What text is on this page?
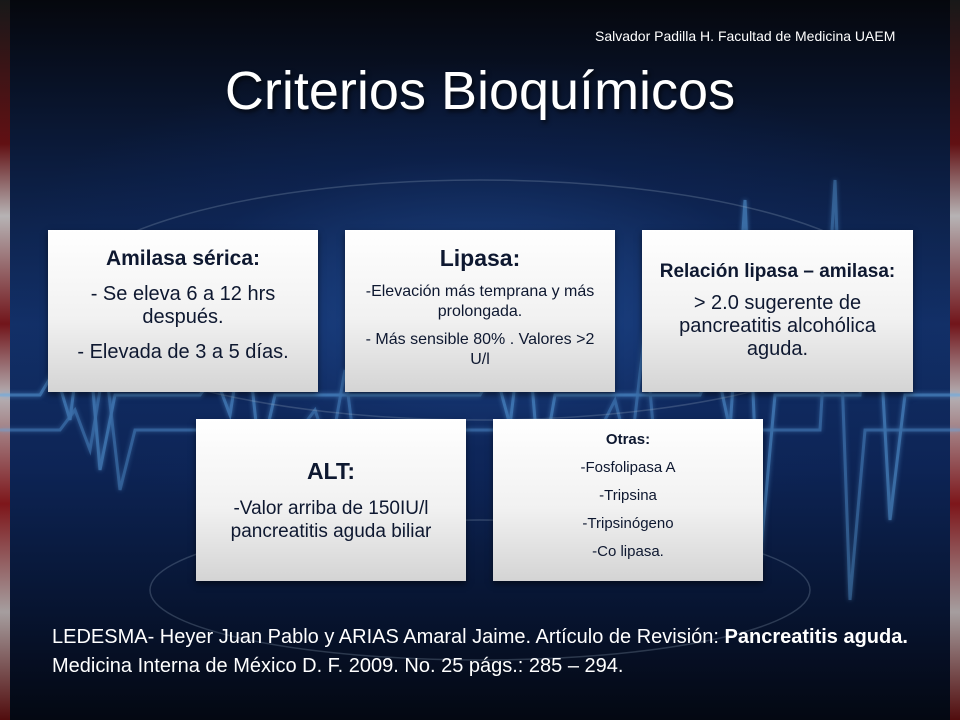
Salvador Padilla H. Facultad de Medicina UAEM
Criterios Bioquímicos

Amilasa sérica:

- Se eleva 6 a 12 hrs después.

- Elevada de 3 a 5 días.

Lipasa:

-Elevación más temprana y más prolongada.

- Más sensible 80% . Valores >2 U/l

Relación lipasa – amilasa:

> 2.0 sugerente de pancreatitis alcohólica aguda.

ALT:

-Valor arriba de 150IU/l pancreatitis aguda biliar

Otras:

-Fosfolipasa A

-Tripsina

-Tripsinógeno

-Co lipasa.

LEDESMA- Heyer Juan Pablo y ARIAS Amaral Jaime. Artículo de Revisión: Pancreatitis aguda. Medicina Interna de México D. F. 2009. No. 25 págs.: 285 – 294.
